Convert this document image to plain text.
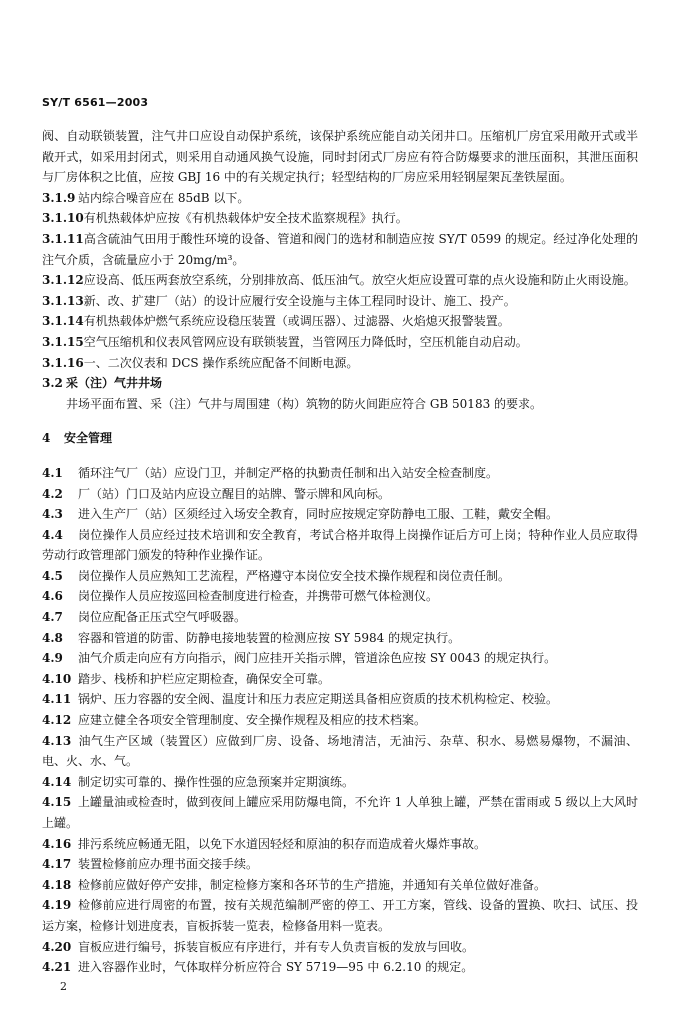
SY/T 6561—2003

阀、自动联锁装置，注气井口应设自动保护系统，该保护系统应能自动关闭井口。压缩机厂房宜采用敞开式或半敞开式，如采用封闭式，则采用自动通风换气设施，同时封闭式厂房应有符合防爆要求的泄压面积，其泄压面积与厂房体积之比值，应按 GBJ 16 中的有关规定执行；轻型结构的厂房应采用轻钢屋架瓦垄铁屋面。

3.1.9 站内综合噪音应在 85dB 以下。

3.1.10有机热载体炉应按《有机热载体炉安全技术监察规程》执行。

3.1.11高含硫油气田用于酸性环境的设备、管道和阀门的选材和制造应按 SY/T 0599 的规定。经过净化处理的注气介质，含硫量应小于 20mg/m³。

3.1.12应设高、低压两套放空系统，分别排放高、低压油气。放空火炬应设置可靠的点火设施和防止火雨设施。

3.1.13新、改、扩建厂（站）的设计应履行安全设施与主体工程同时设计、施工、投产。

3.1.14有机热载体炉燃气系统应设稳压装置（或调压器）、过滤器、火焰熄灭报警装置。

3.1.15空气压缩机和仪表风管网应设有联锁装置，当管网压力降低时，空压机能自动启动。

3.1.16一、二次仪表和 DCS 操作系统应配备不间断电源。

3.2 采（注）气井井场

井场平面布置、采（注）气井与周围建（构）筑物的防火间距应符合 GB 50183 的要求。

4 安全管理

4.1 循环注气厂（站）应设门卫，并制定严格的执勤责任制和出入站安全检查制度。

4.2 厂（站）门口及站内应设立醒目的站牌、警示牌和风向标。

4.3 进入生产厂（站）区须经过入场安全教育，同时应按规定穿防静电工服、工鞋，戴安全帽。

4.4 岗位操作人员应经过技术培训和安全教育，考试合格并取得上岗操作证后方可上岗；特种作业人员应取得劳动行政管理部门颁发的特种作业操作证。

4.5 岗位操作人员应熟知工艺流程，严格遵守本岗位安全技术操作规程和岗位责任制。

4.6 岗位操作人员应按巡回检查制度进行检查，并携带可燃气体检测仪。

4.7 岗位应配备正压式空气呼吸器。

4.8 容器和管道的防雷、防静电接地装置的检测应按 SY 5984 的规定执行。

4.9 油气介质走向应有方向指示，阀门应挂开关指示牌，管道涂色应按 SY 0043 的规定执行。

4.10 踏步、栈桥和护栏应定期检查，确保安全可靠。

4.11 锅炉、压力容器的安全阀、温度计和压力表应定期送具备相应资质的技术机构检定、校验。

4.12 应建立健全各项安全管理制度、安全操作规程及相应的技术档案。

4.13 油气生产区域（装置区）应做到厂房、设备、场地清洁，无油污、杂草、积水、易燃易爆物，不漏油、电、火、水、气。

4.14 制定切实可靠的、操作性强的应急预案并定期演练。

4.15 上罐量油或检查时，做到夜间上罐应采用防爆电筒，不允许 1 人单独上罐，严禁在雷雨或 5 级以上大风时上罐。

4.16 排污系统应畅通无阻，以免下水道因轻烃和原油的积存而造成着火爆炸事故。

4.17 装置检修前应办理书面交接手续。

4.18 检修前应做好停产安排，制定检修方案和各环节的生产措施，并通知有关单位做好准备。

4.19 检修前应进行周密的布置，按有关规范编制严密的停工、开工方案，管线、设备的置换、吹扫、试压、投运方案，检修计划进度表，盲板拆装一览表，检修备用料一览表。

4.20 盲板应进行编号，拆装盲板应有序进行，并有专人负责盲板的发放与回收。

4.21 进入容器作业时，气体取样分析应符合 SY 5719—95 中 6.2.10 的规定。

2
